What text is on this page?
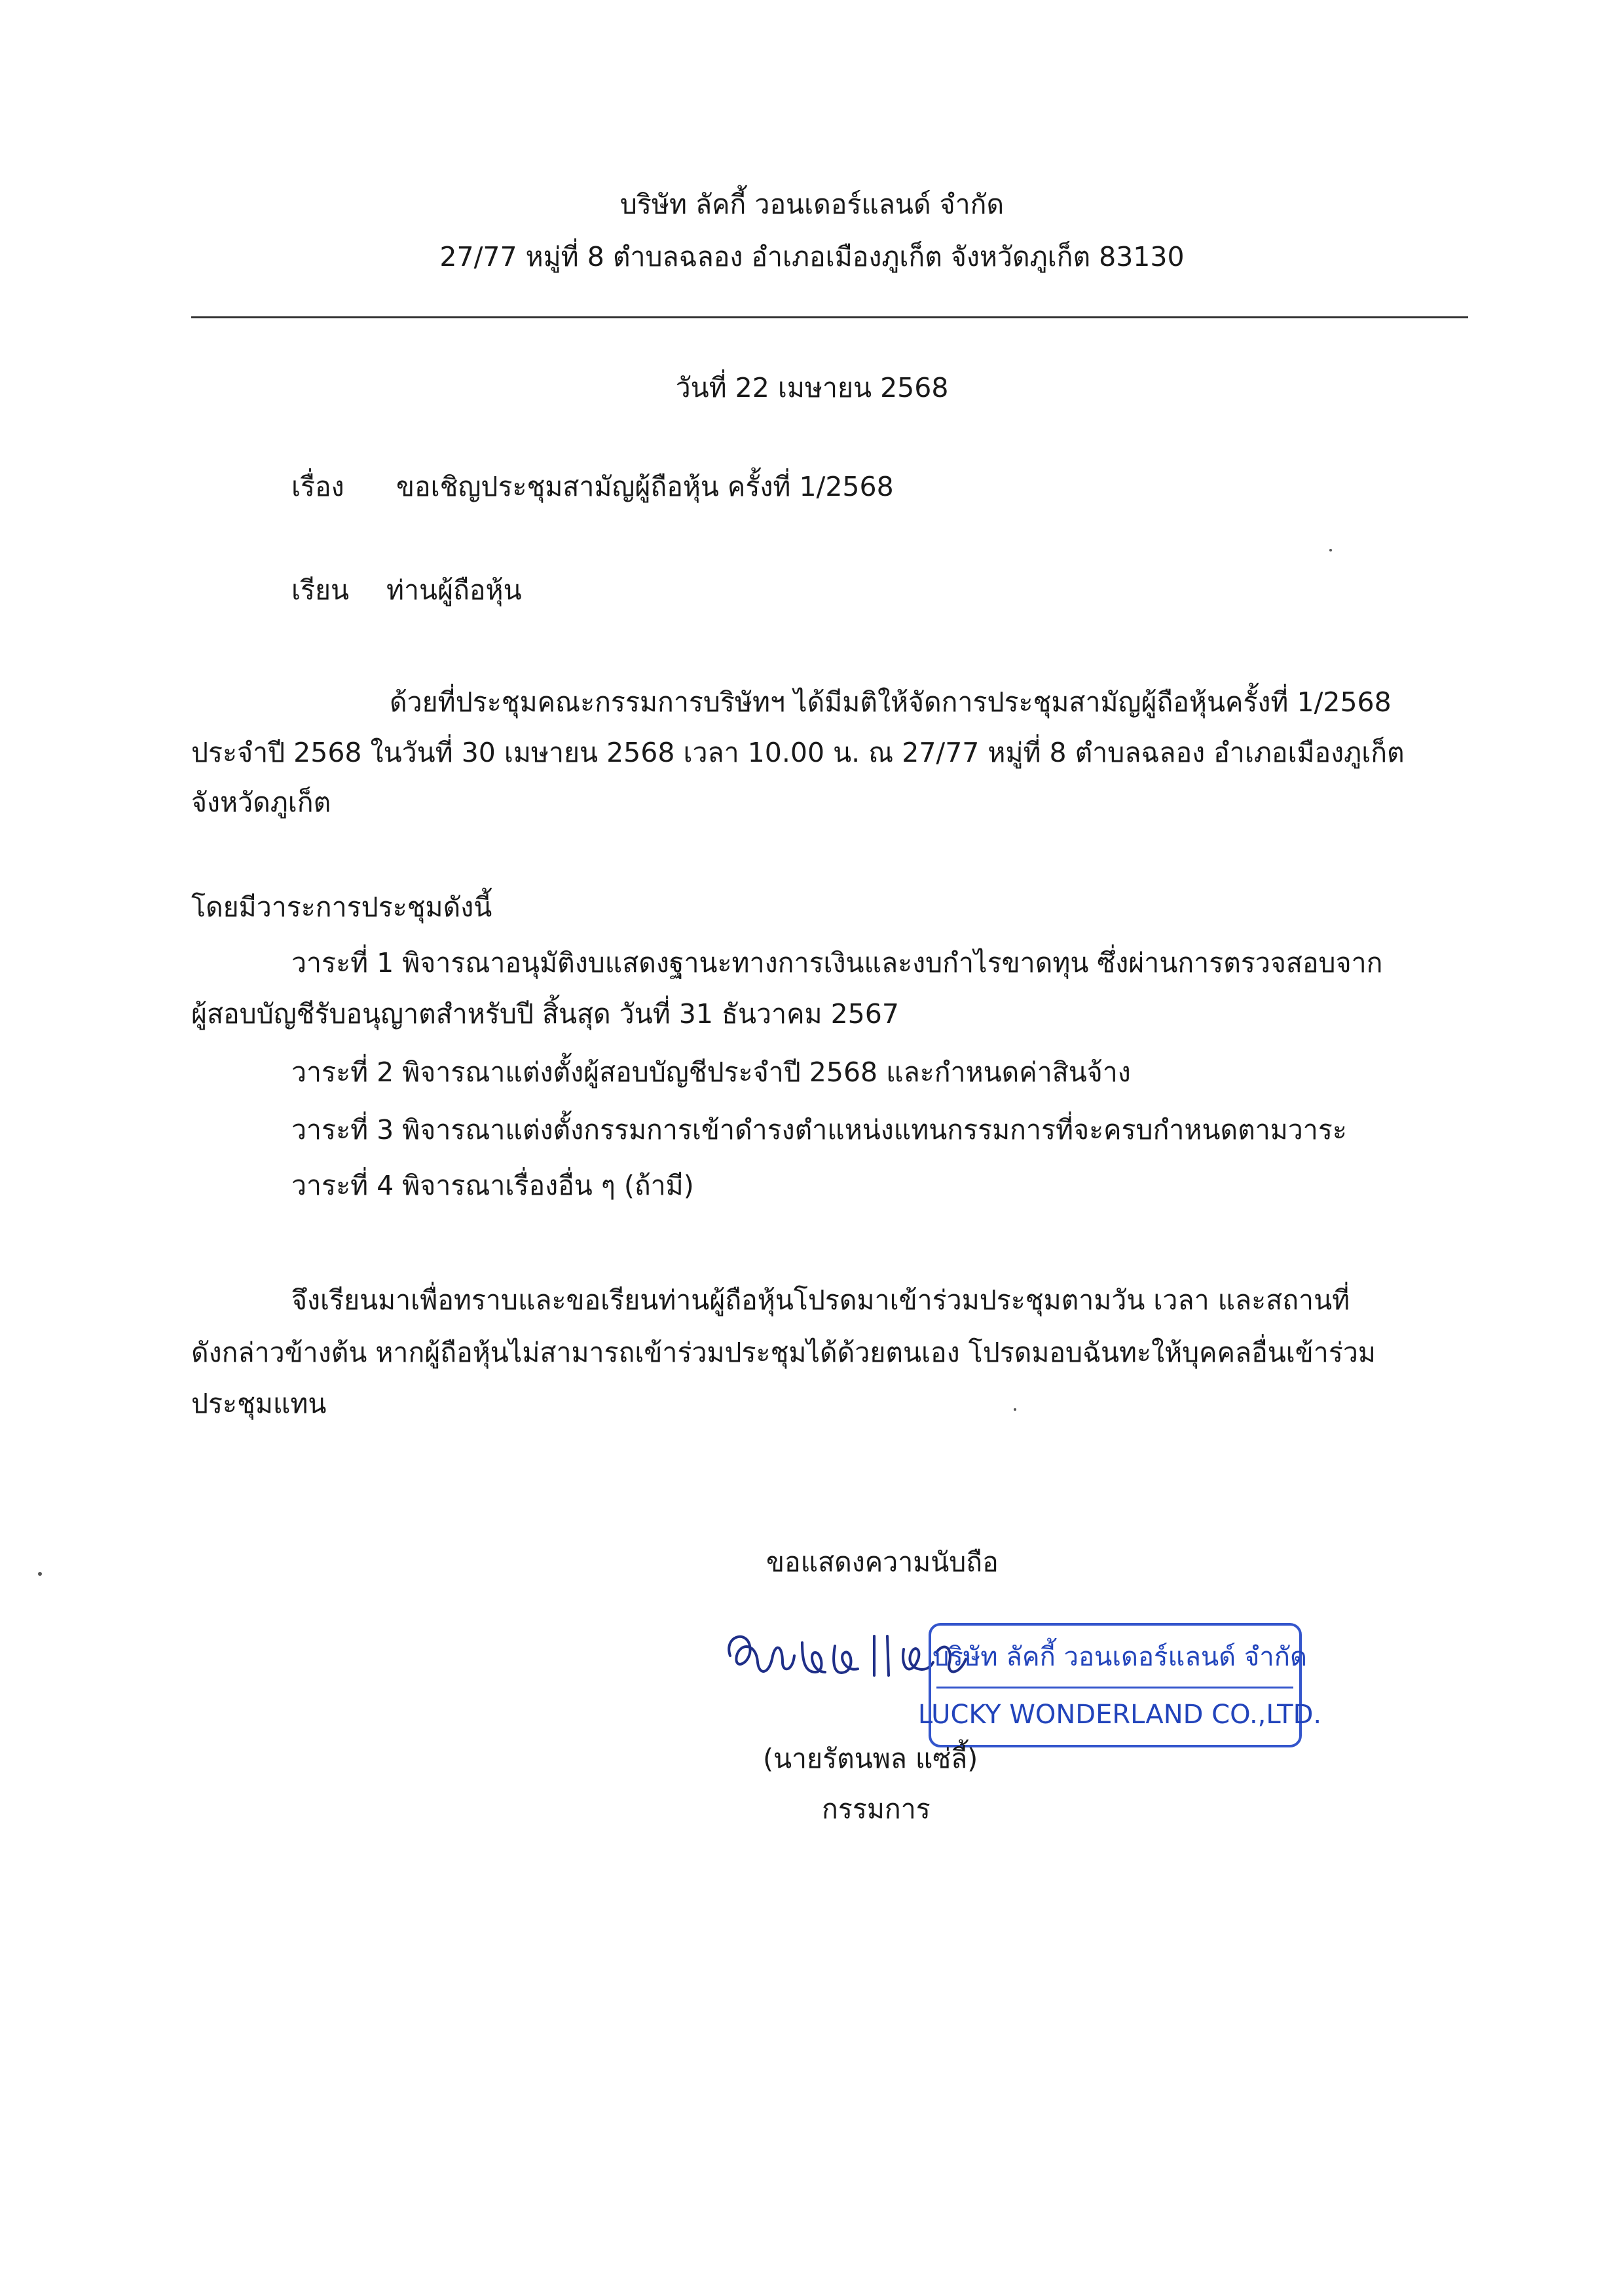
บริษัท ลัคกี้ วอนเดอร์แลนด์ จำกัด
27/77 หมู่ที่ 8 ตำบลฉลอง อำเภอเมืองภูเก็ต จังหวัดภูเก็ต 83130
วันที่ 22 เมษายน 2568
เรื่อง ขอเชิญประชุมสามัญผู้ถือหุ้น ครั้งที่ 1/2568
เรียน ท่านผู้ถือหุ้น
ด้วยที่ประชุมคณะกรรมการบริษัทฯ ได้มีมติให้จัดการประชุมสามัญผู้ถือหุ้นครั้งที่ 1/2568
ประจำปี 2568 ในวันที่ 30 เมษายน 2568 เวลา 10.00 น. ณ 27/77 หมู่ที่ 8 ตำบลฉลอง อำเภอเมืองภูเก็ต
จังหวัดภูเก็ต
โดยมีวาระการประชุมดังนี้
วาระที่ 1 พิจารณาอนุมัติงบแสดงฐานะทางการเงินและงบกำไรขาดทุน ซึ่งผ่านการตรวจสอบจาก
ผู้สอบบัญชีรับอนุญาตสำหรับปี สิ้นสุด วันที่ 31 ธันวาคม 2567
วาระที่ 2 พิจารณาแต่งตั้งผู้สอบบัญชีประจำปี 2568 และกำหนดค่าสินจ้าง
วาระที่ 3 พิจารณาแต่งตั้งกรรมการเข้าดำรงตำแหน่งแทนกรรมการที่จะครบกำหนดตามวาระ
วาระที่ 4 พิจารณาเรื่องอื่น ๆ (ถ้ามี)
จึงเรียนมาเพื่อทราบและขอเรียนท่านผู้ถือหุ้นโปรดมาเข้าร่วมประชุมตามวัน เวลา และสถานที่
ดังกล่าวข้างต้น หากผู้ถือหุ้นไม่สามารถเข้าร่วมประชุมได้ด้วยตนเอง โปรดมอบฉันทะให้บุคคลอื่นเข้าร่วม
ประชุมแทน
ขอแสดงความนับถือ
บริษัท ลัคกี้ วอนเดอร์แลนด์ จำกัด
LUCKY WONDERLAND CO.,LTD.
(นายรัตนพล แซ่ลี้)
กรรมการ
